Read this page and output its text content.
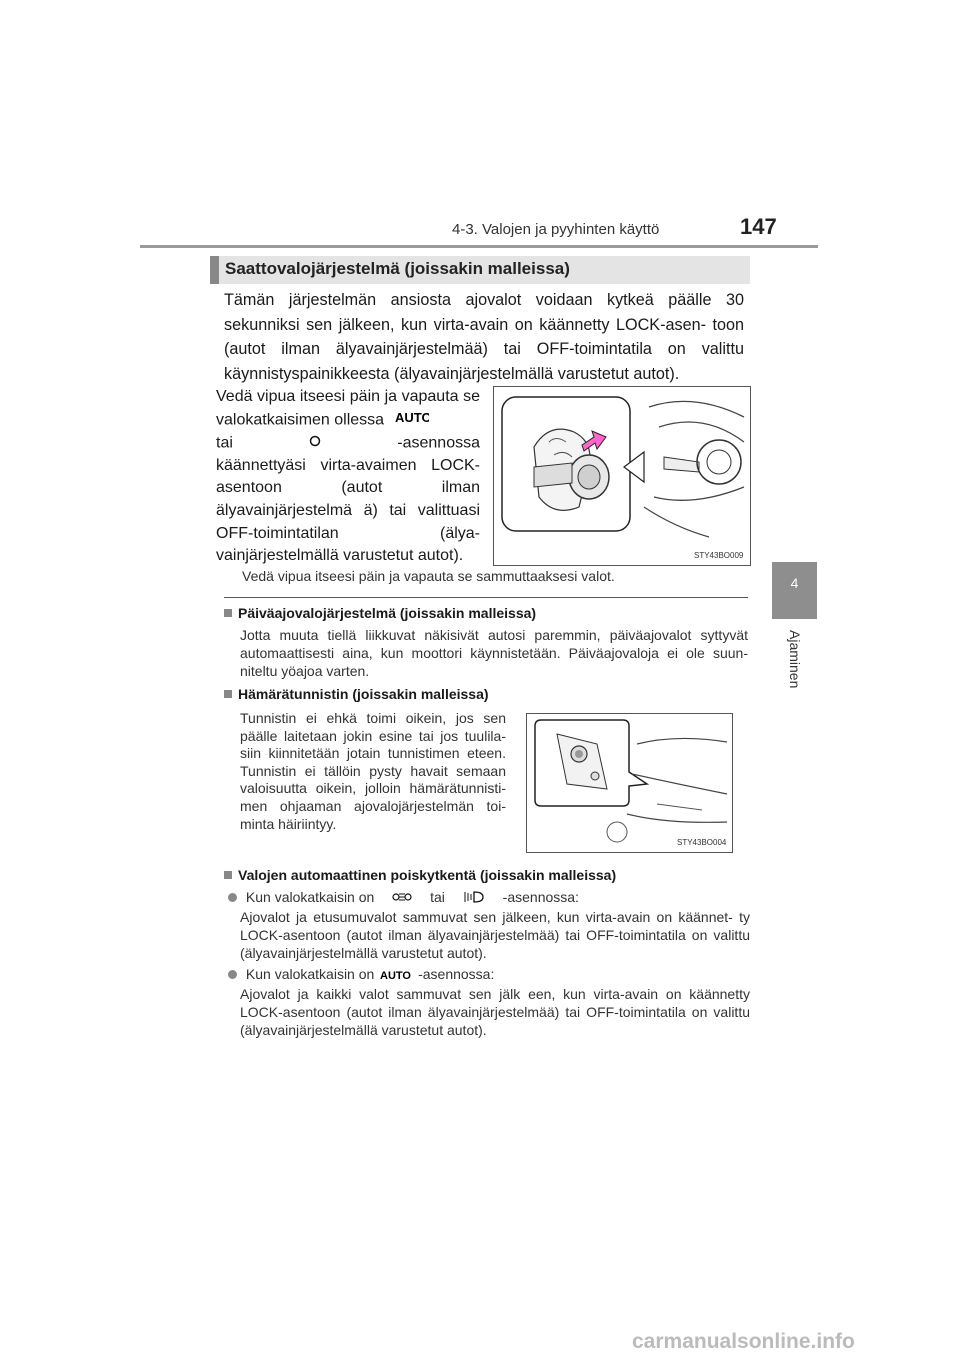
4-3. Valojen ja pyyhinten käyttö	147
4
Ajaminen
Saattovalojärjestelmä (joissakin malleissa)
Tämän järjestelmän ansiosta ajovalot voidaan kytkeä päälle 30 sekunniksi sen jälkeen, kun virta-avain on käännetty LOCK-asen- toon (autot ilman älyavainjärjestelmää) tai OFF-toimintatila on valittu käynnistyspainikkeesta (älyavainjärjestelmällä varustetut autot).
Vedä vipua itseesi päin ja vapauta se valokatkaisimen ollessa AUTO

tai	-asennossa käännettyäsi virta-avaimen LOCK-asentoon (autot ilman älyavainjärjestelmä ä) tai valittuasi OFF-toimintatilan (älya- vainjärjestelmällä varustetut autot).	STY43BO009
Vedä vipua itseesi päin ja vapauta se sammuttaaksesi valot.
Päiväajovalojärjestelmä (joissakin malleissa)
Jotta muuta tiellä liikkuvat näkisivät autosi paremmin, päiväajovalot syttyvät automaattisesti aina, kun moottori käynnistetään. Päiväajovaloja ei ole suun- niteltu yöajoa varten.
Hämärätunnistin (joissakin malleissa)
Tunnistin ei ehkä toimi oikein, jos sen päälle laitetaan jokin esine tai jos tuulila- siin kiinnitetään jotain tunnistimen eteen. Tunnistin ei tällöin pysty havait semaan valoisuutta oikein, jolloin hämärätunnisti- men ohjaaman ajovalojärjestelmän toi- minta häiriintyy.
STY43BO004
Valojen automaattinen poiskytkentä (joissakin malleissa)
Kun valokatkaisin on	tai	-asennossa:
Ajovalot ja etusumuvalot sammuvat sen jälkeen, kun virta-avain on käännet- ty LOCK-asentoon (autot ilman älyavainjärjestelmää) tai OFF-toimintatila on valittu (älyavainjärjestelmällä varustetut autot).
Kun valokatkaisin on AUTO -asennossa:
Ajovalot ja kaikki valot sammuvat sen jälk een, kun virta-avain on käännetty LOCK-asentoon (autot ilman älyavainjärjestelmää) tai OFF-toimintatila on valittu (älyavainjärjestelmällä varustetut autot).
carmanualsonline.info
